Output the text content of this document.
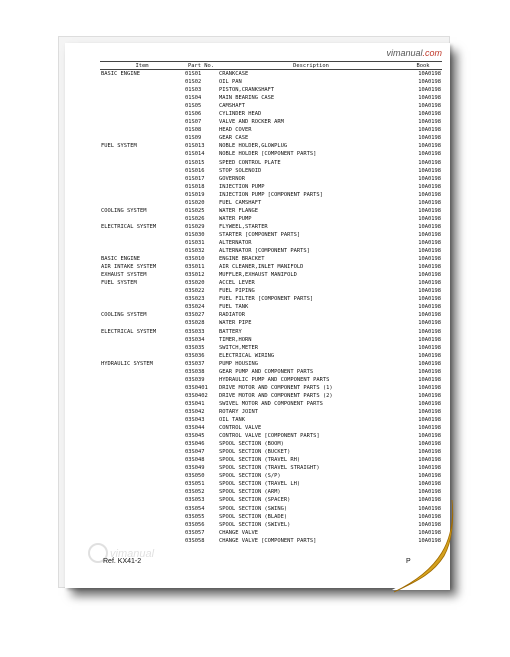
vimanual.com
Item	Part No.	Description	Book
BASIC ENGINE	01S01	CRANKCASE	10A0198
	01S02	OIL PAN	10A0198
	01S03	PISTON,CRANKSHAFT	10A0198
	01S04	MAIN BEARING CASE	10A0198
	01S05	CAMSHAFT	10A0198
	01S06	CYLINDER HEAD	10A0198
	01S07	VALVE AND ROCKER ARM	10A0198
	01S08	HEAD COVER	10A0198
	01S09	GEAR CASE	10A0198
FUEL SYSTEM	01S013	NOBLE HOLDER,GLOWPLUG	10A0198
	01S014	NOBLE HOLDER [COMPONENT PARTS]	10A0198
	01S015	SPEED CONTROL PLATE	10A0198
	01S016	STOP SOLENOID	10A0198
	01S017	GOVERNOR	10A0198
	01S018	INJECTION PUMP	10A0198
	01S019	INJECTION PUMP [COMPONENT PARTS]	10A0198
	01S020	FUEL CAMSHAFT	10A0198
COOLING SYSTEM	01S025	WATER FLANGE	10A0198
	01S026	WATER PUMP	10A0198
ELECTRICAL SYSTEM	01S029	FLYWEEL,STARTER	10A0198
	01S030	STARTER [COMPONENT PARTS]	10A0198
	01S031	ALTERNATOR	10A0198
	01S032	ALTERNATOR [COMPONENT PARTS]	10A0198
BASIC ENGINE	03S010	ENGINE BRACKET	10A0198
AIR INTAKE SYSTEM	03S011	AIR CLEANER,INLET MANIFOLD	10A0198
EXHAUST SYSTEM	03S012	MUFFLER,EXHAUST MANIFOLD	10A0198
FUEL SYSTEM	03S020	ACCEL LEVER	10A0198
	03S022	FUEL PIPING	10A0198
	03S023	FUEL FILTER [COMPONENT PARTS]	10A0198
	03S024	FUEL TANK	10A0198
COOLING SYSTEM	03S027	RADIATOR	10A0198
	03S028	WATER PIPE	10A0198
ELECTRICAL SYSTEM	03S033	BATTERY	10A0198
	03S034	TIMER,HORN	10A0198
	03S035	SWITCH,METER	10A0198
	03S036	ELECTRICAL WIRING	10A0198
HYDRAULIC SYSTEM	03S037	PUMP HOUSING	10A0198
	03S038	GEAR PUMP AND COMPONENT PARTS	10A0198
	03S039	HYDRAULIC PUMP AND COMPONENT PARTS	10A0198
	03S0401	DRIVE MOTOR AND COMPONENT PARTS (1)	10A0198
	03S0402	DRIVE MOTOR AND COMPONENT PARTS (2)	10A0198
	03S041	SWIVEL MOTOR AND COMPONENT PARTS	10A0198
	03S042	ROTARY JOINT	10A0198
	03S043	OIL TANK	10A0198
	03S044	CONTROL VALVE	10A0198
	03S045	CONTROL VALVE [COMPONENT PARTS]	10A0198
	03S046	SPOOL SECTION (BOOM)	10A0198
	03S047	SPOOL SECTION (BUCKET)	10A0198
	03S048	SPOOL SECTION (TRAVEL RH)	10A0198
	03S049	SPOOL SECTION (TRAVEL STRAIGHT)	10A0198
	03S050	SPOOL SECTION (S/P)	10A0198
	03S051	SPOOL SECTION (TRAVEL LH)	10A0198
	03S052	SPOOL SECTION (ARM)	10A0198
	03S053	SPOOL SECTION (SPACER)	10A0198
	03S054	SPOOL SECTION (SWING)	10A0198
	03S055	SPOOL SECTION (BLADE)	10A0198
	03S056	SPOOL SECTION (SWIVEL)	10A0198
	03S057	CHANGE VALVE	10A0198
	03S058	CHANGE VALVE [COMPONENT PARTS]	10A0198
vimanual
Ref. KX41-2	P
